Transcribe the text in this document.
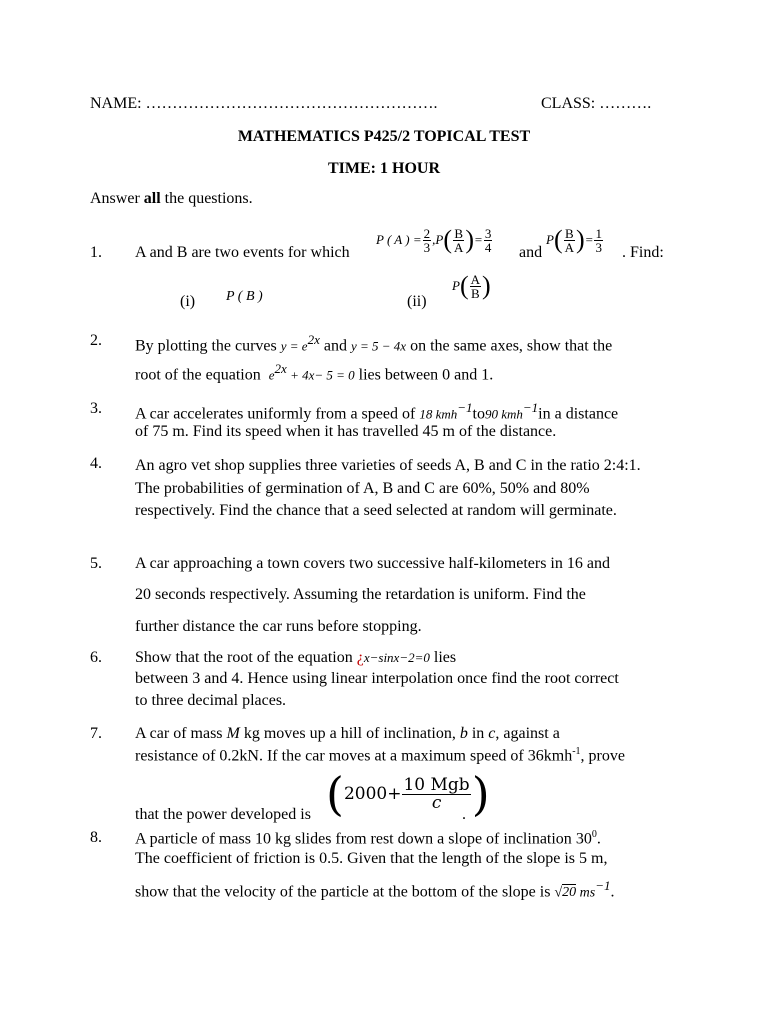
NAME: ……………………………………………….	CLASS: ……….
MATHEMATICS P425/2 TOPICAL TEST
TIME: 1 HOUR
Answer all the questions.
1. A and B are two events for which
P ( A ) = $\frac{2}{3}$ , P ( $\frac{B}{A}$ ) = $\frac{3}{4}$ and
P ( $\frac{B}{A}$ ) = $\frac{1}{3}$ . Find:
(i) P ( B )	(ii)
P ( $\frac{A}{B}$ )
2. By plotting the curves $y = e^{2x}$ and y = 5 − 4x on the same axes, show that the
root of the equation $e^{2x} + 4x- 5 = 0$ lies between 0 and 1.
3. A car accelerates uniformly from a speed of 18 kmh$^{-1}$to90 kmh$^{-1}$in a distance
of 75 m. Find its speed when it has travelled 45 m of the distance.
4. An agro vet shop supplies three varieties of seeds A, B and C in the ratio 2:4:1. The probabilities of germination of A, B and C are 60%, 50% and 80% respectively. Find the chance that a seed selected at random will germinate.
5. A car approaching a town covers two successive half-kilometers in 16 and
20 seconds respectively. Assuming the retardation is uniform. Find the
further distance the car runs before stopping.
6. Show that the root of the equation ¿x−sinx−2=0 lies
between 3 and 4. Hence using linear interpolation once find the root correct
to three decimal places.
7. A car of mass M kg moves up a hill of inclination, b in c, against a
resistance of 0.2kN. If the car moves at a maximum speed of 36kmh$^{-1}$, prove
that the power developed is ( $2000+ \frac{\text{10 Mgb}}{c}$ )
.
8. A particle of mass 10 kg slides from rest down a slope of inclination $30^0$.
The coefficient of friction is 0.5. Given that the length of the slope is 5 m,
show that the velocity of the particle at the bottom of the slope is √20 $ms^{-1}$.
